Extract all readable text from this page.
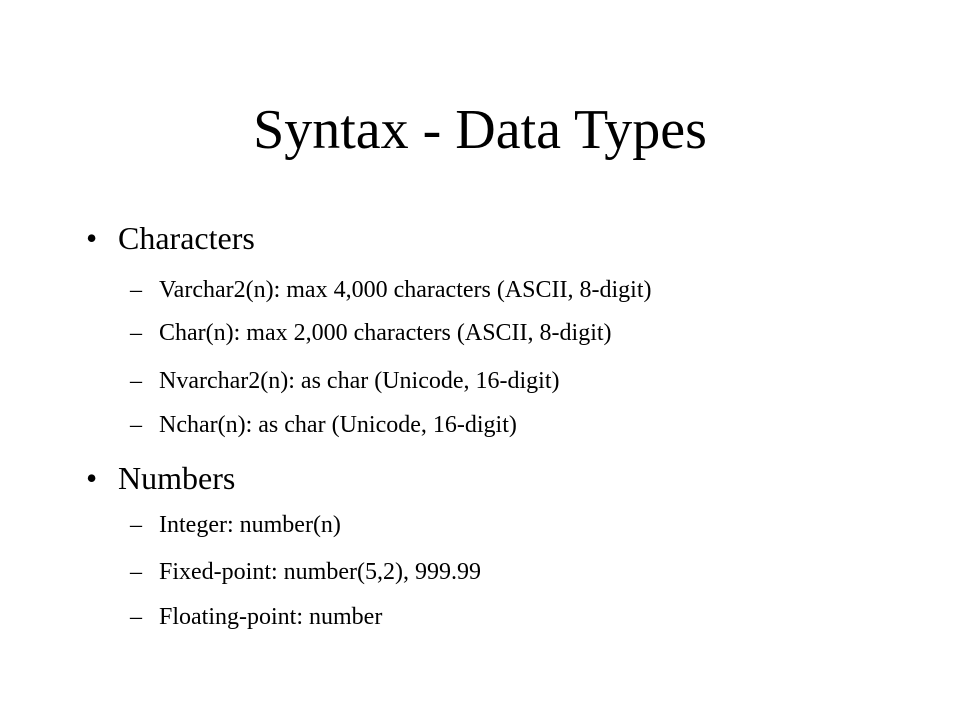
Syntax - Data Types
• Characters
– Varchar2(n): max 4,000 characters (ASCII, 8-digit)
– Char(n): max 2,000 characters (ASCII, 8-digit)
– Nvarchar2(n): as char (Unicode, 16-digit)
– Nchar(n): as char (Unicode, 16-digit)
• Numbers
– Integer: number(n)
– Fixed-point: number(5,2), 999.99
– Floating-point: number
